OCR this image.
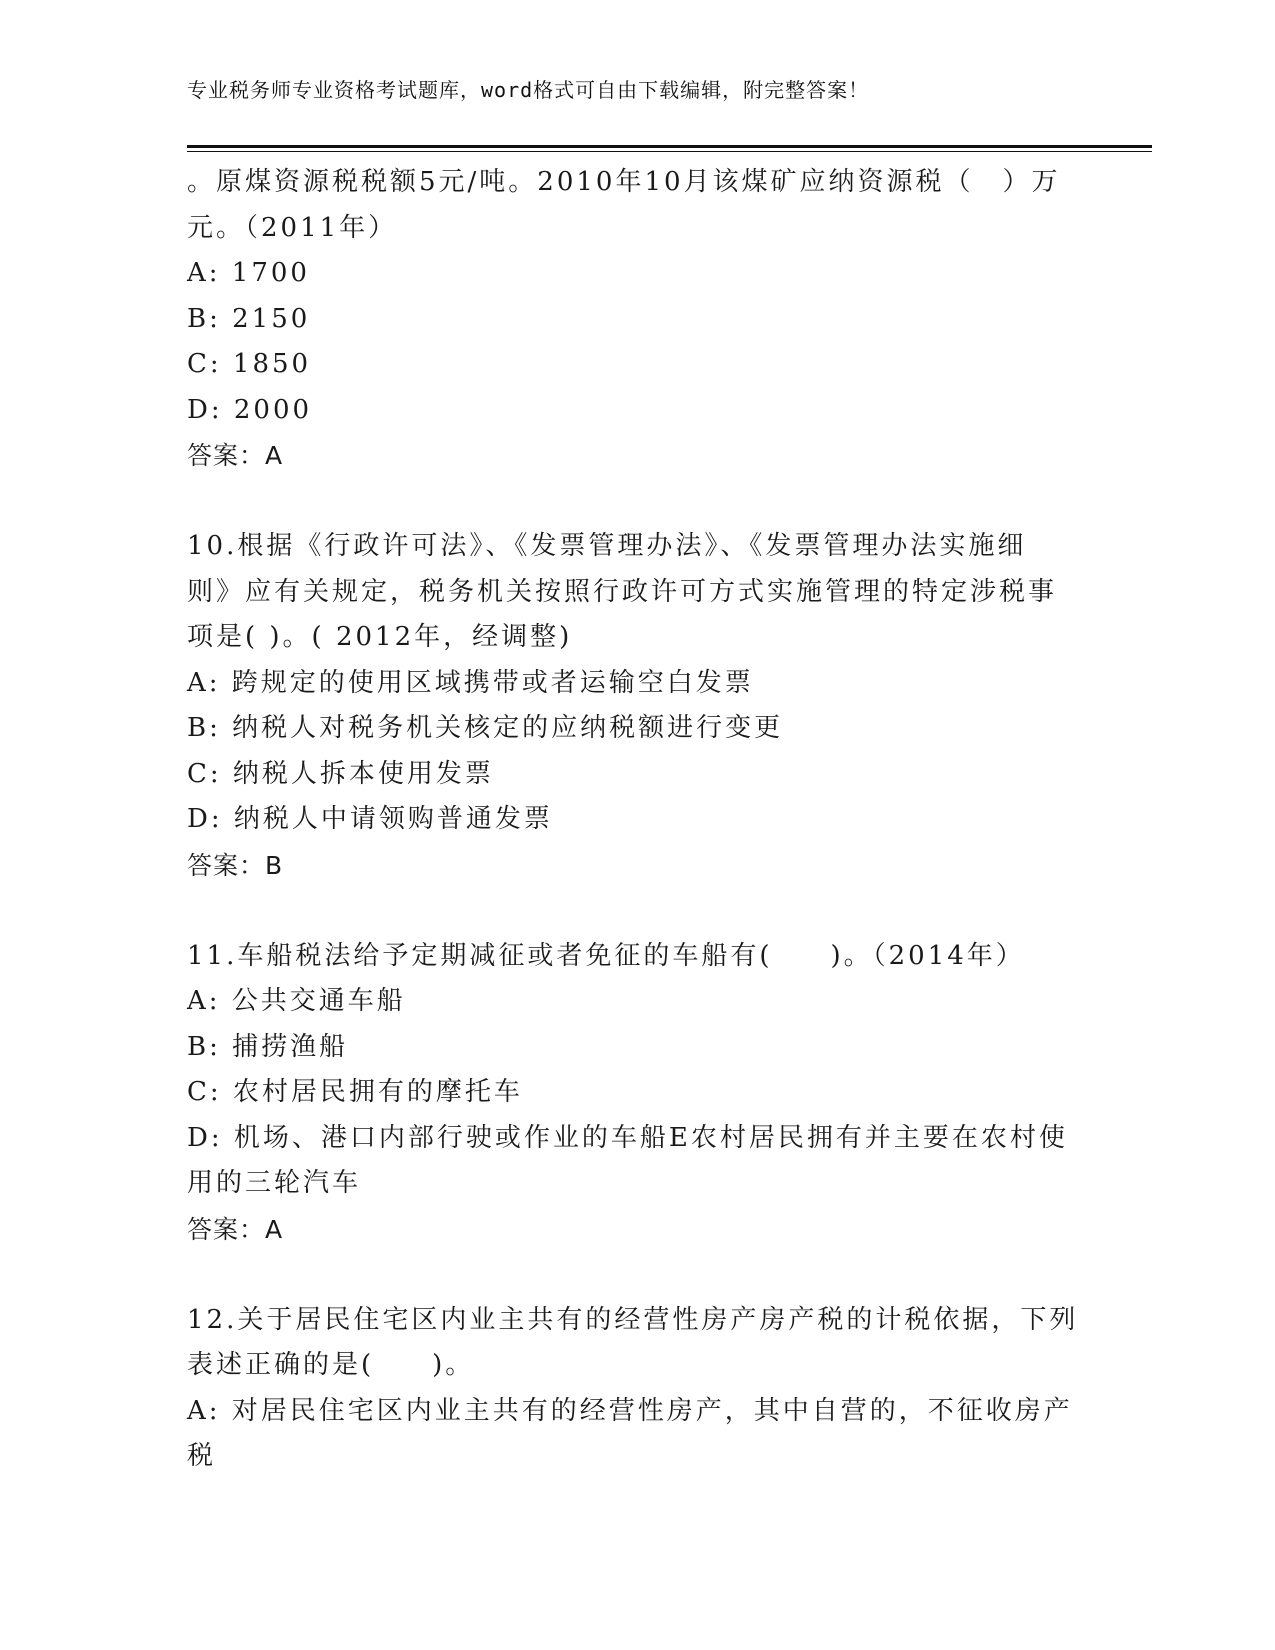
专业税务师专业资格考试题库，word格式可自由下载编辑，附完整答案！
。原煤资源税税额5元/吨。2010年10月该煤矿应纳资源税（　）万
元。（2011年）
A: 1700
B: 2150
C: 1850
D: 2000
答案：A
10.根据《行政许可法》、《发票管理办法》、《发票管理办法实施细
则》应有关规定，税务机关按照行政许可方式实施管理的特定涉税事
项是( )。( 2012年，经调整)
A: 跨规定的使用区域携带或者运输空白发票
B: 纳税人对税务机关核定的应纳税额进行变更
C: 纳税人拆本使用发票
D: 纳税人中请领购普通发票
答案：B
11.车船税法给予定期减征或者免征的车船有(　　)。（2014年）
A: 公共交通车船
B: 捕捞渔船
C: 农村居民拥有的摩托车
D: 机场、港口内部行驶或作业的车船E农村居民拥有并主要在农村使
用的三轮汽车
答案：A
12.关于居民住宅区内业主共有的经营性房产房产税的计税依据，下列
表述正确的是(　　)。
A: 对居民住宅区内业主共有的经营性房产，其中自营的，不征收房产
税
